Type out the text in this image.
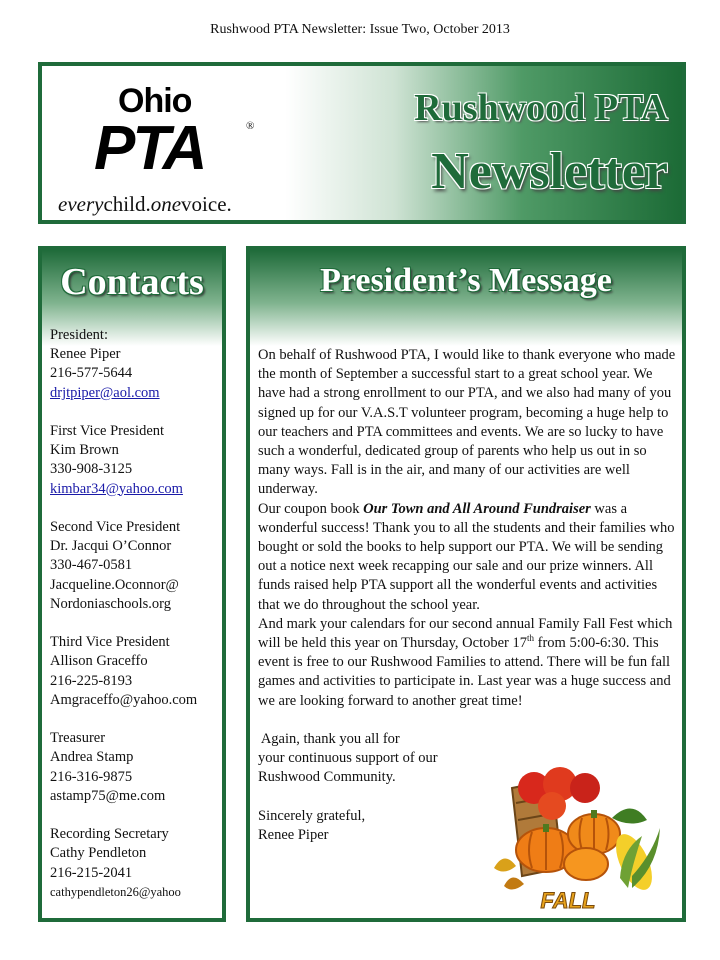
Rushwood PTA Newsletter: Issue Two, October 2013
Ohio
PTA	®
everychild.onevoice.
Rushwood PTA
Newsletter
Contacts
President:
Renee Piper
216-577-5644
drjtpiper@aol.com
First Vice President
Kim Brown
330-908-3125
kimbar34@yahoo.com
Second Vice President
Dr. Jacqui O’Connor
330-467-0581
Jacqueline.Oconnor@
Nordoniaschools.org
Third Vice President
Allison Graceffo
216-225-8193
Amgraceffo@yahoo.com
Treasurer
Andrea Stamp
216-316-9875
astamp75@me.com
Recording Secretary
Cathy Pendleton
216-215-2041
cathypendleton26@yahoo
President’s Message

On behalf of Rushwood PTA, I would like to thank everyone who made the month of September a successful start to a great school year. We have had a strong enrollment to our PTA, and we also had many of you signed up for our V.A.S.T volunteer program, becoming a huge help to our teachers and PTA committees and events. We are so lucky to have such a wonderful, dedicated group of parents who help us out in so many ways. Fall is in the air, and many of our activities are well underway.

Our coupon book Our Town and All Around Fundraiser was a wonderful success! Thank you to all the students and their families who bought or sold the books to help support our PTA. We will be sending out a notice next week recapping our sale and our prize winners. All funds raised help PTA support all the wonderful events and activities that we do throughout the school year.

And mark your calendars for our second annual Family Fall Fest which will be held this year on Thursday, October 17th from 5:00-6:30. This event is free to our Rushwood Families to attend. There will be fun fall games and activities to participate in. Last year was a huge success and we are looking forward to another great time!

Again, thank you all for
your continuous support of our
Rushwood Community.

Sincerely grateful,
Renee Piper
FALL
